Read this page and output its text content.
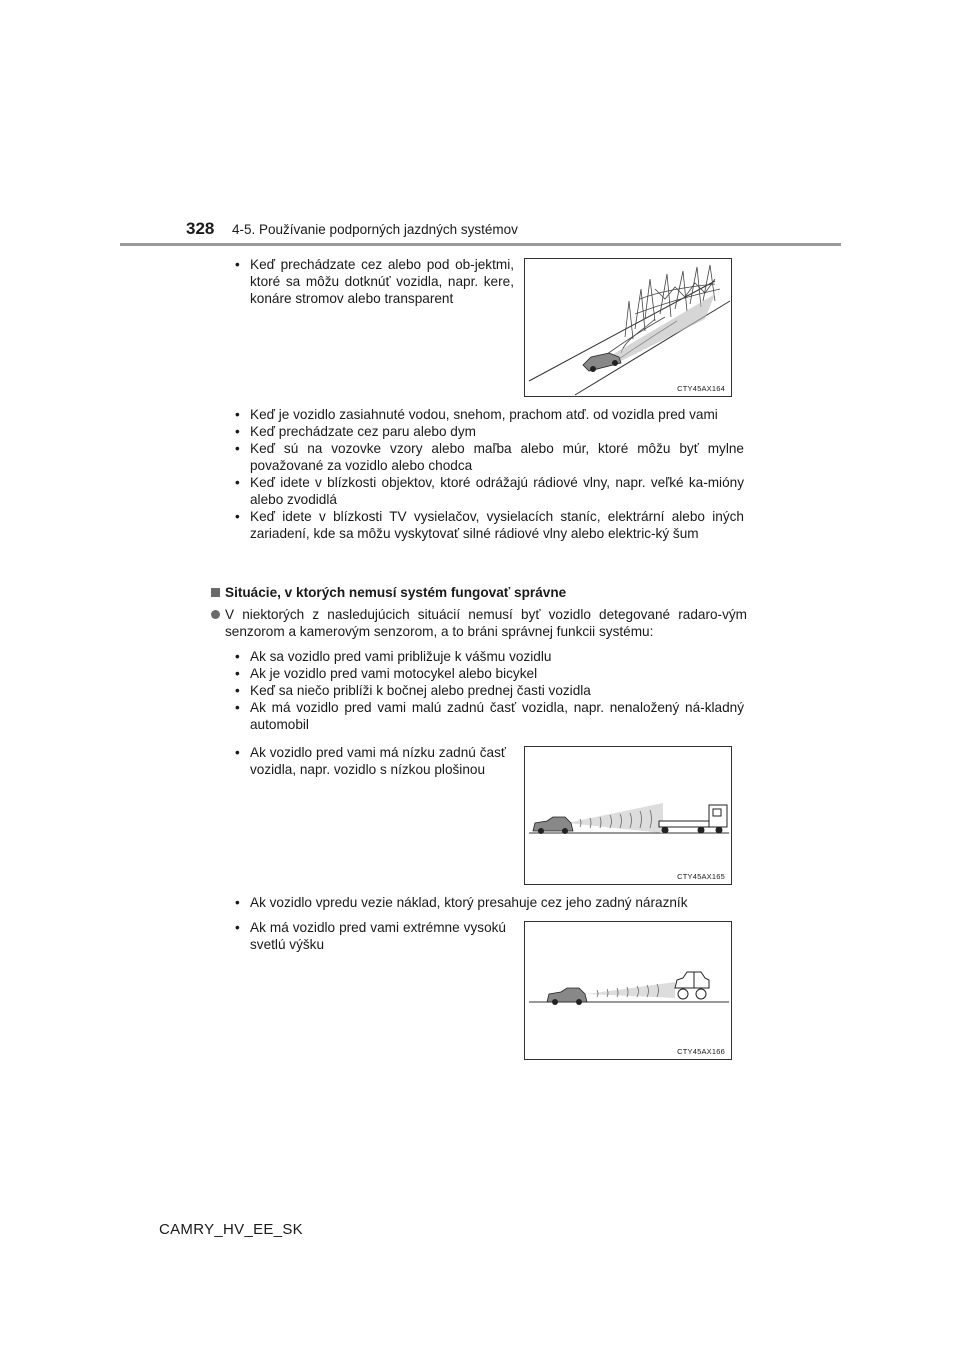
328 4-5. Používanie podporných jazdných systémov
• Keď prechádzate cez alebo pod ob-jektmi, ktoré sa môžu dotknúť vozidla, napr. kere, konáre stromov alebo transparent
CTY45AX164
• Keď je vozidlo zasiahnuté vodou, snehom, prachom atď. od vozidla pred vami
• Keď prechádzate cez paru alebo dym
• Keď sú na vozovke vzory alebo maľba alebo múr, ktoré môžu byť mylne považované za vozidlo alebo chodca
• Keď idete v blízkosti objektov, ktoré odrážajú rádiové vlny, napr. veľké ka-mióny alebo zvodidlá
• Keď idete v blízkosti TV vysielačov, vysielacích staníc, elektrární alebo iných zariadení, kde sa môžu vyskytovať silné rádiové vlny alebo elektric-ký šum
Situácie, v ktorých nemusí systém fungovať správne
V niektorých z nasledujúcich situácií nemusí byť vozidlo detegované radaro-vým senzorom a kamerovým senzorom, a to bráni správnej funkcii systému:
• Ak sa vozidlo pred vami približuje k vášmu vozidlu
• Ak je vozidlo pred vami motocykel alebo bicykel
• Keď sa niečo priblíži k bočnej alebo prednej časti vozidla
• Ak má vozidlo pred vami malú zadnú časť vozidla, napr. nenaložený ná-kladný automobil
• Ak vozidlo pred vami má nízku zadnú časť vozidla, napr. vozidlo s nízkou plošinou
CTY45AX165
• Ak vozidlo vpredu vezie náklad, ktorý presahuje cez jeho zadný nárazník
• Ak má vozidlo pred vami extrémne vysokú svetlú výšku
CTY45AX166
CAMRY_HV_EE_SK
